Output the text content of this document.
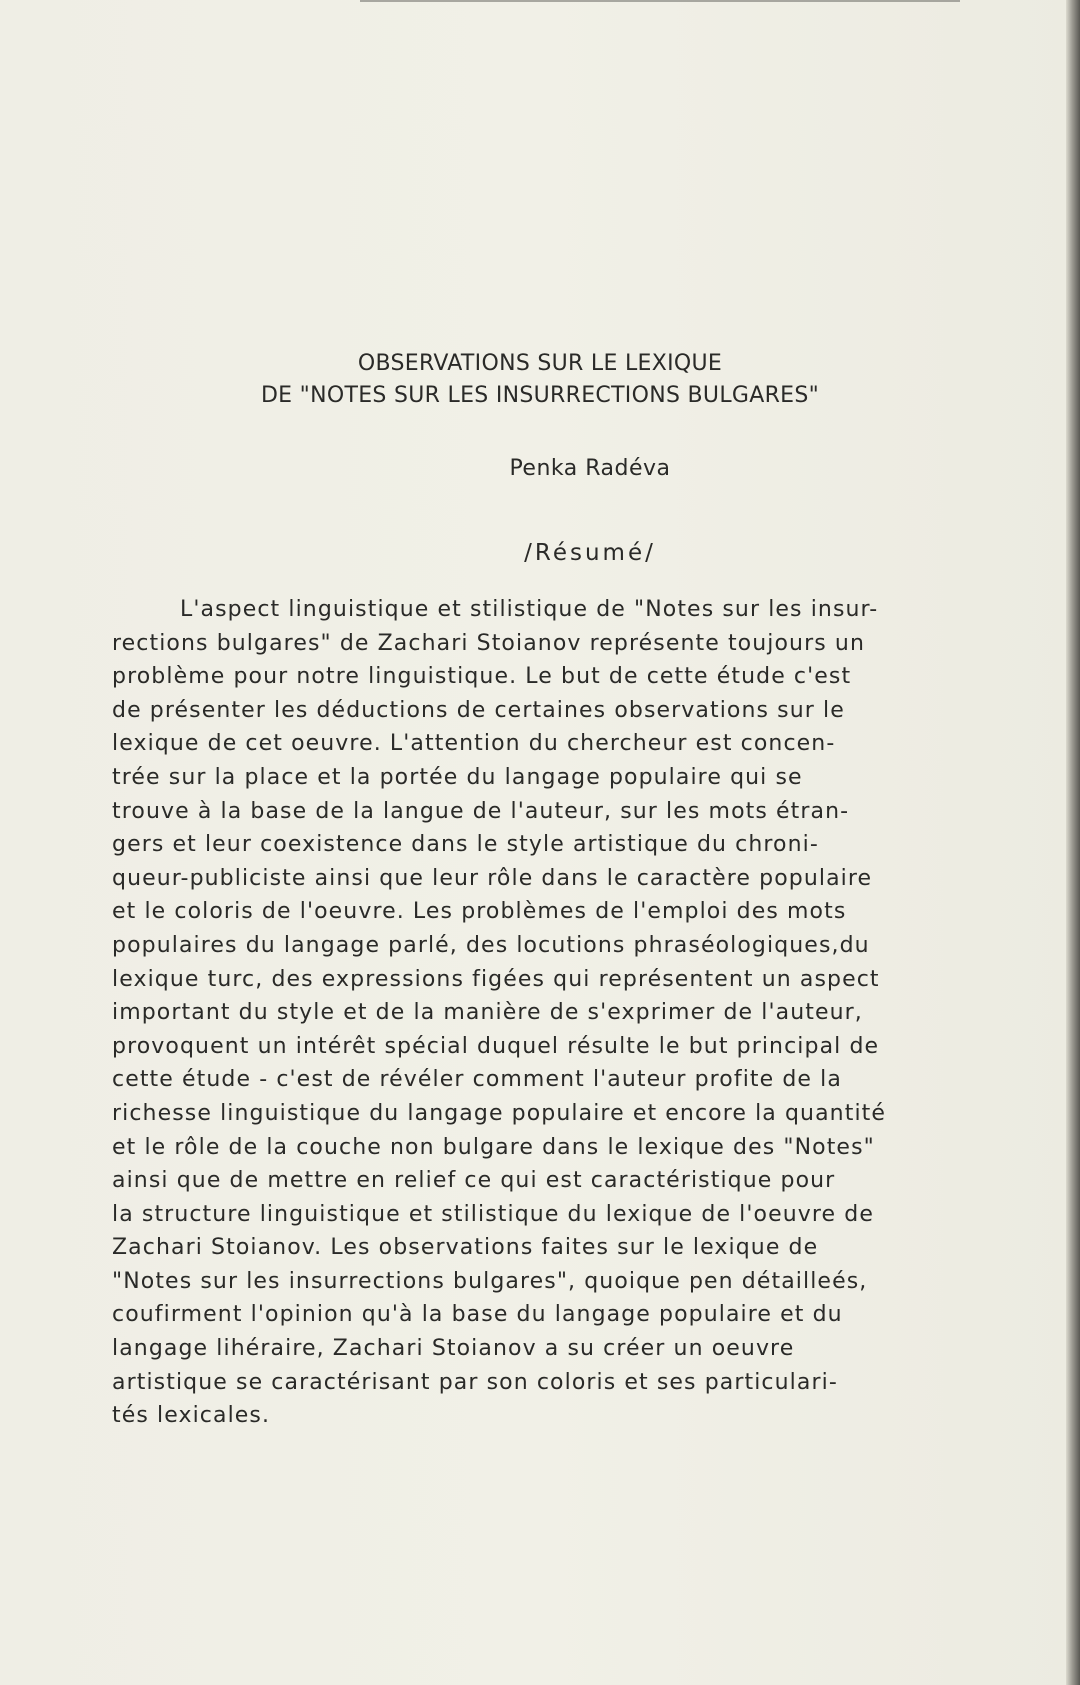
OBSERVATIONS SUR LE LEXIQUE
DE "NOTES SUR LES INSURRECTIONS BULGARES"
Penka Radéva
/Résumé/
L'aspect linguistique et stilistique de "Notes sur les insur-
rections bulgares" de Zachari Stoianov représente toujours un
problème pour notre linguistique. Le but de cette étude c'est
de présenter les déductions de certaines observations sur le
lexique de cet oeuvre. L'attention du chercheur est concen-
trée sur la place et la portée du langage populaire qui se
trouve à la base de la langue de l'auteur, sur les mots étran-
gers et leur coexistence dans le style artistique du chroni-
queur-publiciste ainsi que leur rôle dans le caractère populaire
et le coloris de l'oeuvre. Les problèmes de l'emploi des mots
populaires du langage parlé, des locutions phraséologiques,du
lexique turc, des expressions figées qui représentent un aspect
important du style et de la manière de s'exprimer de l'auteur,
provoquent un intérêt spécial duquel résulte le but principal de
cette étude - c'est de révéler comment l'auteur profite de la
richesse linguistique du langage populaire et encore la quantité
et le rôle de la couche non bulgare dans le lexique des "Notes"
ainsi que de mettre en relief ce qui est caractéristique pour
la structure linguistique et stilistique du lexique de l'oeuvre de
Zachari Stoianov. Les observations faites sur le lexique de
"Notes sur les insurrections bulgares", quoique pen détailleés,
coufirment l'opinion qu'à la base du langage populaire et du
langage lihéraire, Zachari Stoianov a su créer un oeuvre
artistique se caractérisant par son coloris et ses particulari-
tés lexicales.
